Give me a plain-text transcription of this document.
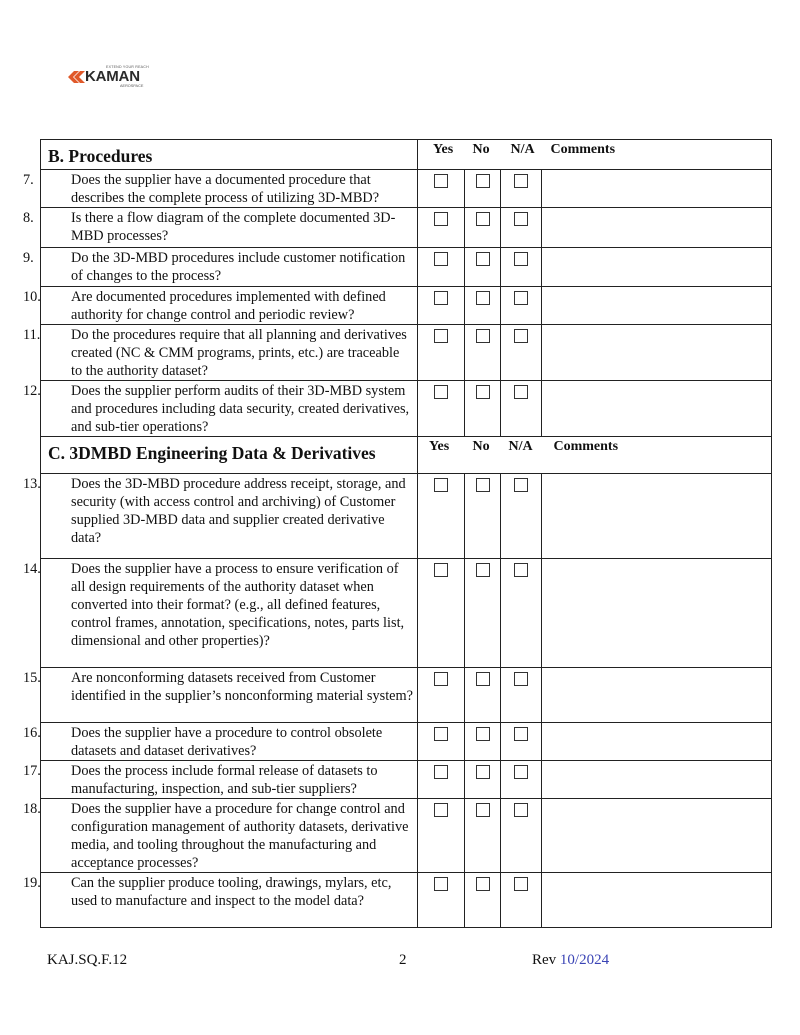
EXTEND YOUR REACH
KAMAN
AEROSPACE
B. Procedures	Yes	No	N/A	Comments

7. Does the supplier have a documented procedure that describes the complete process of utilizing 3D-MBD?				

8. Is there a flow diagram of the complete documented 3D-MBD processes?				

9. Do the 3D-MBD procedures include customer notification of changes to the process?				

10. Are documented procedures implemented with defined authority for change control and periodic review?				

11. Do the procedures require that all planning and derivatives created (NC & CMM programs, prints, etc.) are traceable to the authority dataset?				

12. Does the supplier perform audits of their 3D-MBD system and procedures including data security, created derivatives, and sub-tier operations?				

C. 3DMBD Engineering Data & Derivatives	Yes	No	N/A	Comments

13. Does the 3D-MBD procedure address receipt, storage, and security (with access control and archiving) of Customer supplied 3D-MBD data and supplier created derivative data?				

14. Does the supplier have a process to ensure verification of all design requirements of the authority dataset when converted into their format? (e.g., all defined features, control frames, annotation, specifications, notes, parts list, dimensional and other properties)?				

15. Are nonconforming datasets received from Customer identified in the supplier’s nonconforming material system?				

16. Does the supplier have a procedure to control obsolete datasets and dataset derivatives?				

17. Does the process include formal release of datasets to manufacturing, inspection, and sub-tier suppliers?				

18. Does the supplier have a procedure for change control and configuration management of authority datasets, derivative media, and tooling throughout the manufacturing and acceptance processes?				

19. Can the supplier produce tooling, drawings, mylars, etc, used to manufacture and inspect to the model data?				

KAJ.SQ.F.12	2	Rev 10/2024
